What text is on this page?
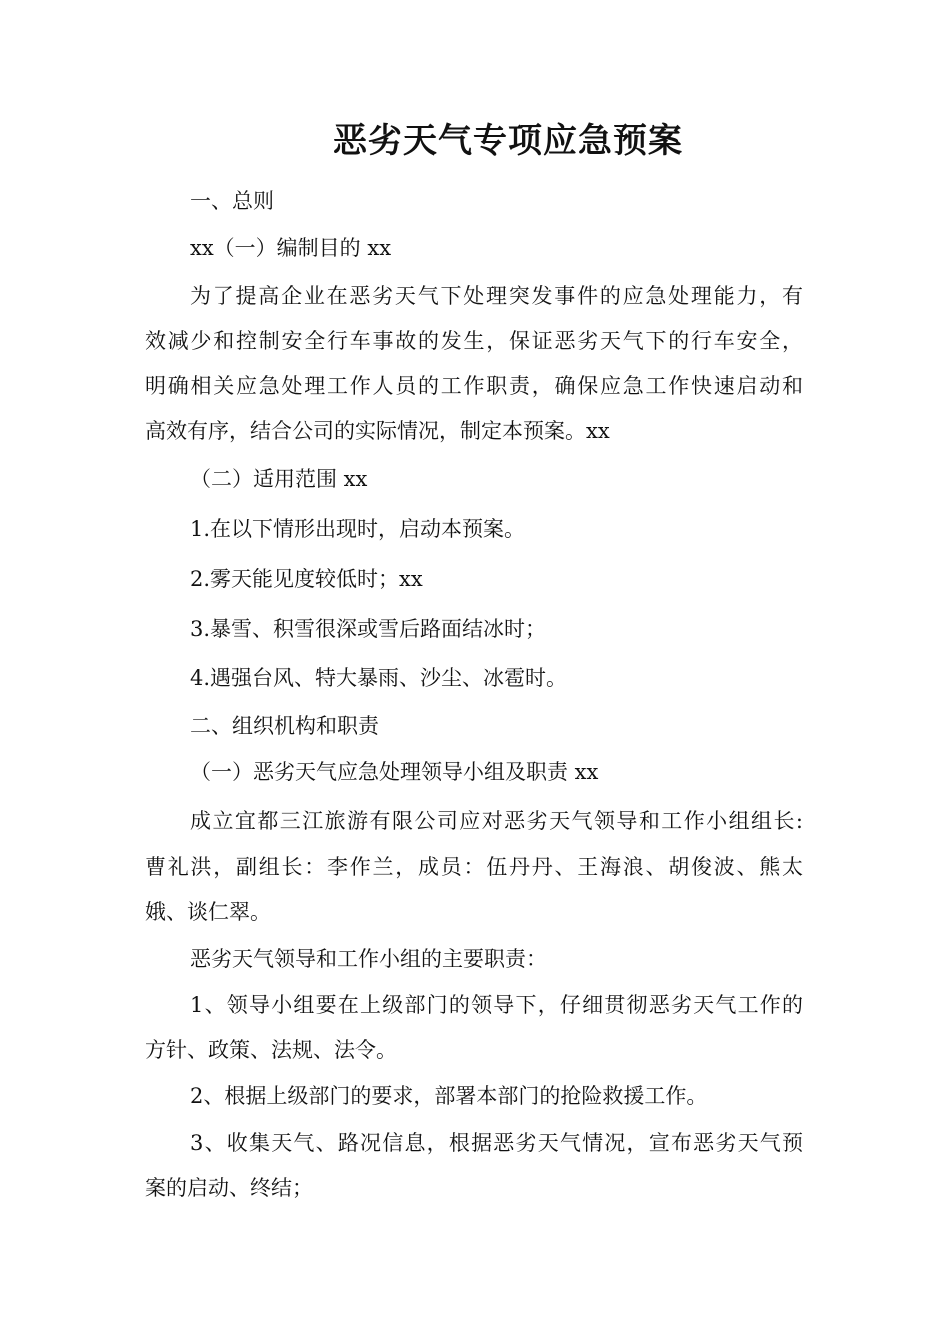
恶劣天气专项应急预案
一、总则
xx（一）编制目的 xx
为了提高企业在恶劣天气下处理突发事件的应急处理能力，有
效减少和控制安全行车事故的发生，保证恶劣天气下的行车安全，
明确相关应急处理工作人员的工作职责，确保应急工作快速启动和
高效有序，结合公司的实际情况，制定本预案。xx
（二）适用范围 xx
1.在以下情形出现时，启动本预案。
2.雾天能见度较低时；xx
3.暴雪、积雪很深或雪后路面结冰时；
4.遇强台风、特大暴雨、沙尘、冰雹时。
二、组织机构和职责
（一）恶劣天气应急处理领导小组及职责 xx
成立宜都三江旅游有限公司应对恶劣天气领导和工作小组组长:
曹礼洪，副组长：李作兰，成员：伍丹丹、王海浪、胡俊波、熊太
娥、谈仁翠。
恶劣天气领导和工作小组的主要职责：
1、领导小组要在上级部门的领导下，仔细贯彻恶劣天气工作的
方针、政策、法规、法令。
2、根据上级部门的要求，部署本部门的抢险救援工作。
3、收集天气、路况信息，根据恶劣天气情况，宣布恶劣天气预
案的启动、终结；
